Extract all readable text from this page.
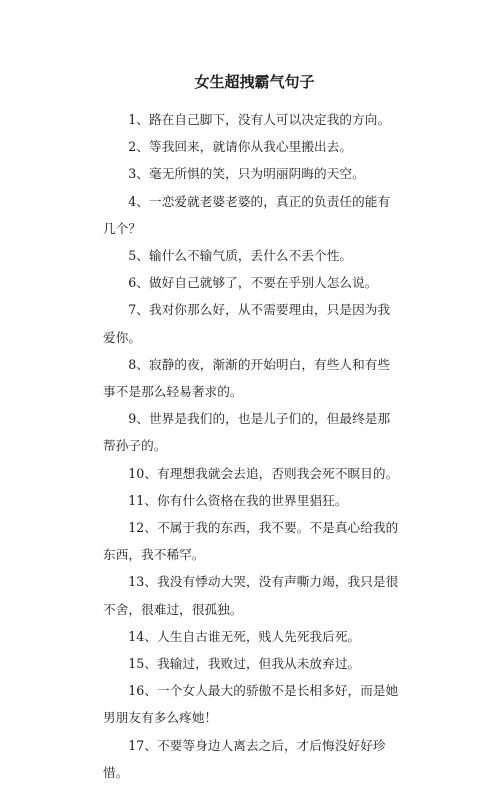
女生超拽霸气句子

1、路在自己脚下，没有人可以决定我的方向。

2、等我回来，就请你从我心里搬出去。

3、毫无所惧的笑，只为明丽阴晦的天空。

4、一恋爱就老婆老婆的，真正的负责任的能有几个？

5、输什么不输气质，丢什么不丢个性。

6、做好自己就够了，不要在乎别人怎么说。

7、我对你那么好，从不需要理由，只是因为我爱你。

8、寂静的夜，渐渐的开始明白，有些人和有些事不是那么轻易奢求的。

9、世界是我们的，也是儿子们的，但最终是那帮孙子的。

10、有理想我就会去追，否则我会死不瞑目的。

11、你有什么资格在我的世界里猖狂。

12、不属于我的东西，我不要。不是真心给我的东西，我不稀罕。

13、我没有悸动大哭，没有声嘶力竭，我只是很不舍，很难过，很孤独。

14、人生自古谁无死，贱人先死我后死。

15、我输过，我败过，但我从未放弃过。

16、一个女人最大的骄傲不是长相多好，而是她男朋友有多么疼她！

17、不要等身边人离去之后，才后悔没好好珍惜。
